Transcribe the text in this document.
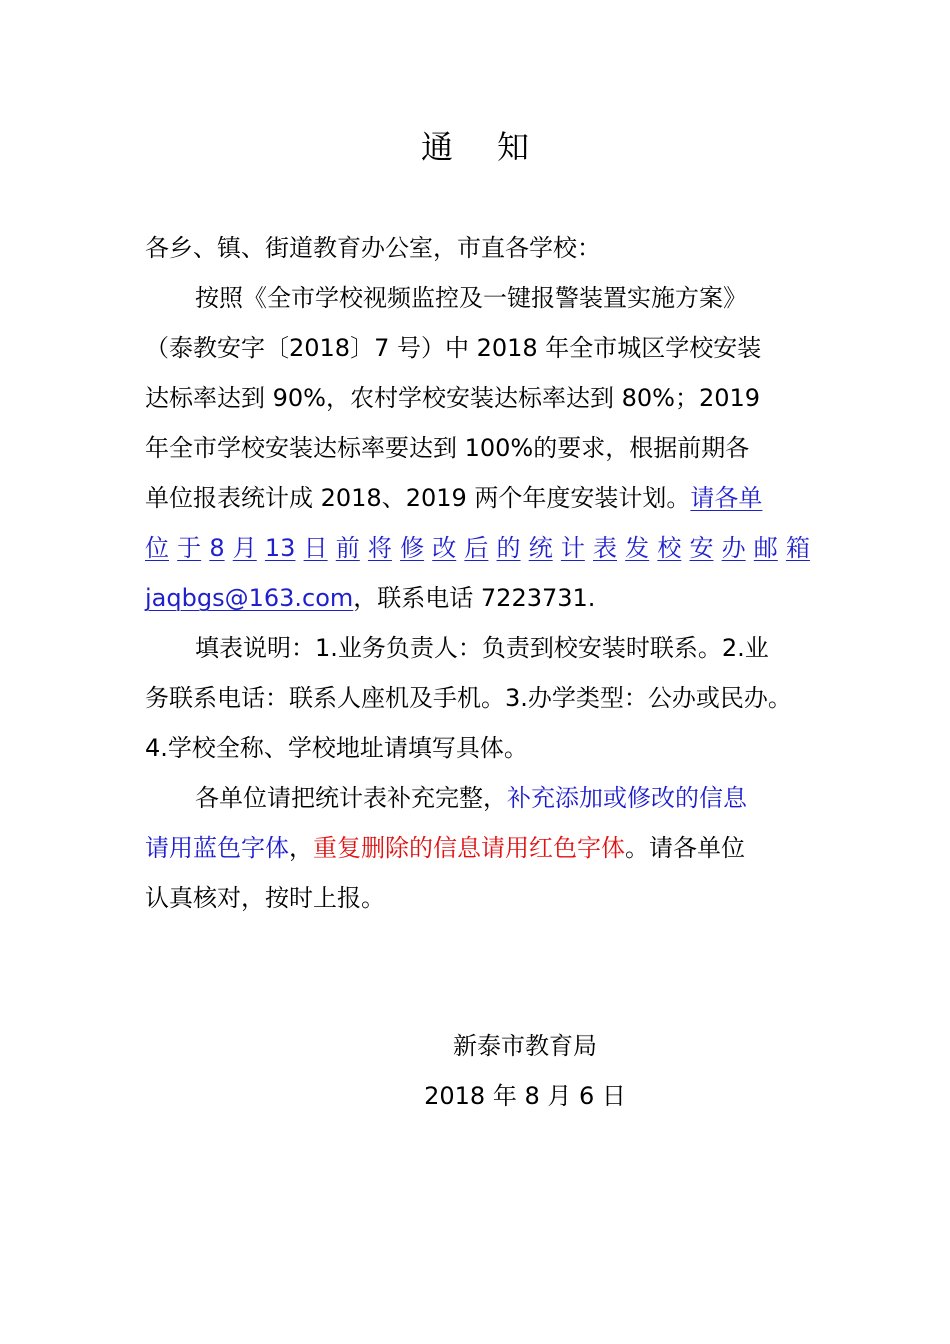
通 知
各乡、镇、街道教育办公室，市直各学校：
按照《全市学校视频监控及一键报警装置实施方案》
（泰教安字〔2018〕7 号）中 2018 年全市城区学校安装
达标率达到 90%，农村学校安装达标率达到 80%；2019
年全市学校安装达标率要达到 100%的要求，根据前期各
单位报表统计成 2018、2019 两个年度安装计划。请各单
位 于 8 月 13 日 前 将 修 改 后 的 统 计 表 发 校 安 办 邮 箱
jaqbgs@163.com，联系电话 7223731.
填表说明：1.业务负责人：负责到校安装时联系。2.业
务联系电话：联系人座机及手机。3.办学类型：公办或民办。
4.学校全称、学校地址请填写具体。
各单位请把统计表补充完整，补充添加或修改的信息
请用蓝色字体，重复删除的信息请用红色字体。请各单位
认真核对，按时上报。
新泰市教育局
2018 年 8 月 6 日
